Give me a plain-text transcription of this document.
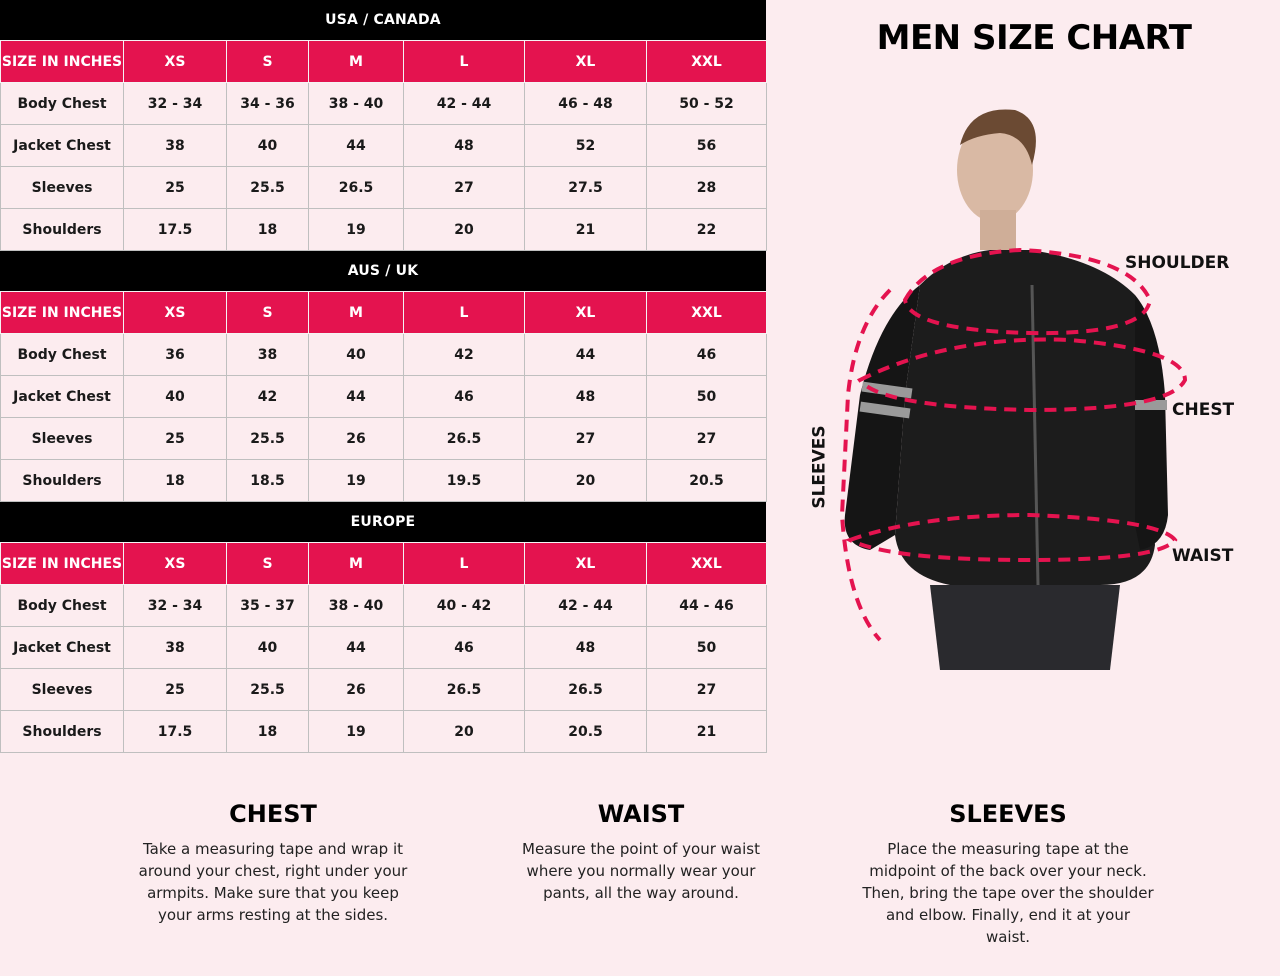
USA / CANADA
SIZE IN INCHES	XS	S	M	L	XL	XXL
Body Chest	32 - 34	34 - 36	38 - 40	42 - 44	46 - 48	50 - 52
Jacket Chest	38	40	44	48	52	56
Sleeves	25	25.5	26.5	27	27.5	28
Shoulders	17.5	18	19	20	21	22
AUS / UK
SIZE IN INCHES	XS	S	M	L	XL	XXL
Body Chest	36	38	40	42	44	46
Jacket Chest	40	42	44	46	48	50
Sleeves	25	25.5	26	26.5	27	27
Shoulders	18	18.5	19	19.5	20	20.5
EUROPE
SIZE IN INCHES	XS	S	M	L	XL	XXL
Body Chest	32 - 34	35 - 37	38 - 40	40 - 42	42 - 44	44 - 46
Jacket Chest	38	40	44	46	48	50
Sleeves	25	25.5	26	26.5	26.5	27
Shoulders	17.5	18	19	20	20.5	21
MEN SIZE CHART
SHOULDER
CHEST
WAIST
SLEEVES
CHEST

Take a measuring tape and wrap it
around your chest, right under your
armpits. Make sure that you keep
your arms resting at the sides.

WAIST

Measure the point of your waist
where you normally wear your
pants, all the way around.

SLEEVES

Place the measuring tape at the
midpoint of the back over your neck.
Then, bring the tape over the shoulder
and elbow. Finally, end it at your waist.
